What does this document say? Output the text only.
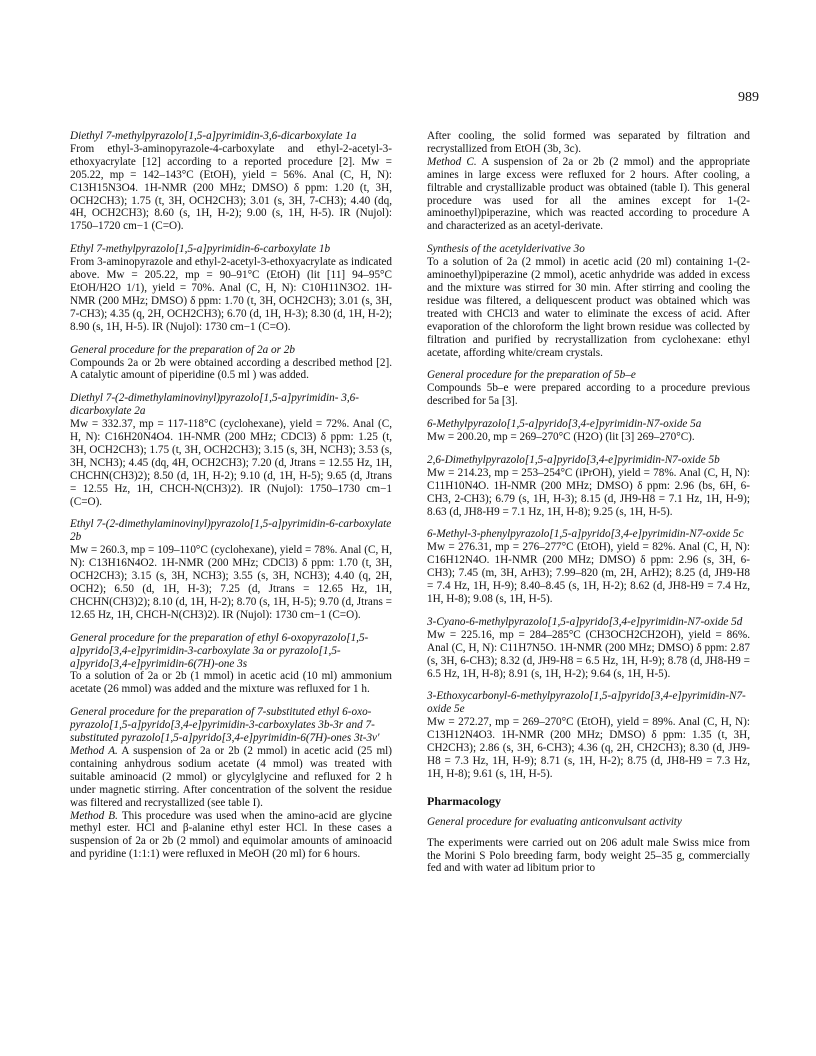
989

Diethyl 7-methylpyrazolo[1,5-a]pyrimidin-3,6-dicarboxylate 1a

From ethyl-3-aminopyrazole-4-carboxylate and ethyl-2-acetyl-3-ethoxyacrylate [12] according to a reported procedure [2]. Mw = 205.22, mp = 142–143°C (EtOH), yield = 56%. Anal (C, H, N): C13H15N3O4. 1H-NMR (200 MHz; DMSO) δ ppm: 1.20 (t, 3H, OCH2CH3); 1.75 (t, 3H, OCH2CH3); 3.01 (s, 3H, 7-CH3); 4.40 (dq, 4H, OCH2CH3); 8.60 (s, 1H, H-2); 9.00 (s, 1H, H-5). IR (Nujol): 1750–1720 cm−1 (C=O).

Ethyl 7-methylpyrazolo[1,5-a]pyrimidin-6-carboxylate 1b

From 3-aminopyrazole and ethyl-2-acetyl-3-ethoxyacrylate as indicated above. Mw = 205.22, mp = 90–91°C (EtOH) (lit [11] 94–95°C EtOH/H2O 1/1), yield = 70%. Anal (C, H, N): C10H11N3O2. 1H-NMR (200 MHz; DMSO) δ ppm: 1.70 (t, 3H, OCH2CH3); 3.01 (s, 3H, 7-CH3); 4.35 (q, 2H, OCH2CH3); 6.70 (d, 1H, H-3); 8.30 (d, 1H, H-2); 8.90 (s, 1H, H-5). IR (Nujol): 1730 cm−1 (C=O).

General procedure for the preparation of 2a or 2b

Compounds 2a or 2b were obtained according a described method [2]. A catalytic amount of piperidine (0.5 ml ) was added.

Diethyl 7-(2-dimethylaminovinyl)pyrazolo[1,5-a]pyrimidin- 3,6-dicarboxylate 2a

Mw = 332.37, mp = 117-118°C (cyclohexane), yield = 72%. Anal (C, H, N): C16H20N4O4. 1H-NMR (200 MHz; CDCl3) δ ppm: 1.25 (t, 3H, OCH2CH3); 1.75 (t, 3H, OCH2CH3); 3.15 (s, 3H, NCH3); 3.53 (s, 3H, NCH3); 4.45 (dq, 4H, OCH2CH3); 7.20 (d, Jtrans = 12.55 Hz, 1H, CHCHN(CH3)2); 8.50 (d, 1H, H-2); 9.10 (d, 1H, H-5); 9.65 (d, Jtrans = 12.55 Hz, 1H, CHCH-N(CH3)2). IR (Nujol): 1750–1730 cm−1 (C=O).

Ethyl 7-(2-dimethylaminovinyl)pyrazolo[1,5-a]pyrimidin-6-carboxylate 2b

Mw = 260.3, mp = 109–110°C (cyclohexane), yield = 78%. Anal (C, H, N): C13H16N4O2. 1H-NMR (200 MHz; CDCl3) δ ppm: 1.70 (t, 3H, OCH2CH3); 3.15 (s, 3H, NCH3); 3.55 (s, 3H, NCH3); 4.40 (q, 2H, OCH2); 6.50 (d, 1H, H-3); 7.25 (d, Jtrans = 12.65 Hz, 1H, CHCHN(CH3)2); 8.10 (d, 1H, H-2); 8.70 (s, 1H, H-5); 9.70 (d, Jtrans = 12.65 Hz, 1H, CHCH-N(CH3)2). IR (Nujol): 1730 cm−1 (C=O).

General procedure for the preparation of ethyl 6-oxopyrazolo[1,5-a]pyrido[3,4-e]pyrimidin-3-carboxylate 3a or pyrazolo[1,5-a]pyrido[3,4-e]pyrimidin-6(7H)-one 3s

To a solution of 2a or 2b (1 mmol) in acetic acid (10 ml) ammonium acetate (26 mmol) was added and the mixture was refluxed for 1 h.

General procedure for the preparation of 7-substituted ethyl 6-oxo-pyrazolo[1,5-a]pyrido[3,4-e]pyrimidin-3-carboxylates 3b-3r and 7-substituted pyrazolo[1,5-a]pyrido[3,4-e]pyrimidin-6(7H)-ones 3t-3v'

Method A. A suspension of 2a or 2b (2 mmol) in acetic acid (25 ml) containing anhydrous sodium acetate (4 mmol) was treated with suitable aminoacid (2 mmol) or glycylglycine and refluxed for 2 h under magnetic stirring. After concentration of the solvent the residue was filtered and recrystallized (see table I).

Method B. This procedure was used when the amino-acid are glycine methyl ester. HCl and β-alanine ethyl ester HCl. In these cases a suspension of 2a or 2b (2 mmol) and equimolar amounts of aminoacid and pyridine (1:1:1) were refluxed in MeOH (20 ml) for 6 hours.

After cooling, the solid formed was separated by filtration and recrystallized from EtOH (3b, 3c).

Method C. A suspension of 2a or 2b (2 mmol) and the appropriate amines in large excess were refluxed for 2 hours. After cooling, a filtrable and crystallizable product was obtained (table I). This general procedure was used for all the amines except for 1-(2-aminoethyl)piperazine, which was reacted according to procedure A and characterized as an acetyl-derivate.

Synthesis of the acetylderivative 3o

To a solution of 2a (2 mmol) in acetic acid (20 ml) containing 1-(2-aminoethyl)piperazine (2 mmol), acetic anhydride was added in excess and the mixture was stirred for 30 min. After stirring and cooling the residue was filtered, a deliquescent product was obtained which was treated with CHCl3 and water to eliminate the excess of acid. After evaporation of the chloroform the light brown residue was collected by filtration and purified by recrystallization from cyclohexane: ethyl acetate, affording white/cream crystals.

General procedure for the preparation of 5b–e

Compounds 5b–e were prepared according to a procedure previous described for 5a [3].

6-Methylpyrazolo[1,5-a]pyrido[3,4-e]pyrimidin-N7-oxide 5a

Mw = 200.20, mp = 269–270°C (H2O) (lit [3] 269–270°C).

2,6-Dimethylpyrazolo[1,5-a]pyrido[3,4-e]pyrimidin-N7-oxide 5b

Mw = 214.23, mp = 253–254°C (iPrOH), yield = 78%. Anal (C, H, N): C11H10N4O. 1H-NMR (200 MHz; DMSO) δ ppm: 2.96 (bs, 6H, 6-CH3, 2-CH3); 6.79 (s, 1H, H-3); 8.15 (d, JH9-H8 = 7.1 Hz, 1H, H-9); 8.63 (d, JH8-H9 = 7.1 Hz, 1H, H-8); 9.25 (s, 1H, H-5).

6-Methyl-3-phenylpyrazolo[1,5-a]pyrido[3,4-e]pyrimidin-N7-oxide 5c

Mw = 276.31, mp = 276–277°C (EtOH), yield = 82%. Anal (C, H, N): C16H12N4O. 1H-NMR (200 MHz; DMSO) δ ppm: 2.96 (s, 3H, 6-CH3); 7.45 (m, 3H, ArH3); 7.99–820 (m, 2H, ArH2); 8.25 (d, JH9-H8 = 7.4 Hz, 1H, H-9); 8.40–8.45 (s, 1H, H-2); 8.62 (d, JH8-H9 = 7.4 Hz, 1H, H-8); 9.08 (s, 1H, H-5).

3-Cyano-6-methylpyrazolo[1,5-a]pyrido[3,4-e]pyrimidin-N7-oxide 5d

Mw = 225.16, mp = 284–285°C (CH3OCH2CH2OH), yield = 86%. Anal (C, H, N): C11H7N5O. 1H-NMR (200 MHz; DMSO) δ ppm: 2.87 (s, 3H, 6-CH3); 8.32 (d, JH9-H8 = 6.5 Hz, 1H, H-9); 8.78 (d, JH8-H9 = 6.5 Hz, 1H, H-8); 8.91 (s, 1H, H-2); 9.64 (s, 1H, H-5).

3-Ethoxycarbonyl-6-methylpyrazolo[1,5-a]pyrido[3,4-e]pyrimidin-N7-oxide 5e

Mw = 272.27, mp = 269–270°C (EtOH), yield = 89%. Anal (C, H, N): C13H12N4O3. 1H-NMR (200 MHz; DMSO) δ ppm: 1.35 (t, 3H, CH2CH3); 2.86 (s, 3H, 6-CH3); 4.36 (q, 2H, CH2CH3); 8.30 (d, JH9-H8 = 7.3 Hz, 1H, H-9); 8.71 (s, 1H, H-2); 8.75 (d, JH8-H9 = 7.3 Hz, 1H, H-8); 9.61 (s, 1H, H-5).

Pharmacology

General procedure for evaluating anticonvulsant activity

The experiments were carried out on 206 adult male Swiss mice from the Morini S Polo breeding farm, body weight 25–35 g, commercially fed and with water ad libitum prior to
